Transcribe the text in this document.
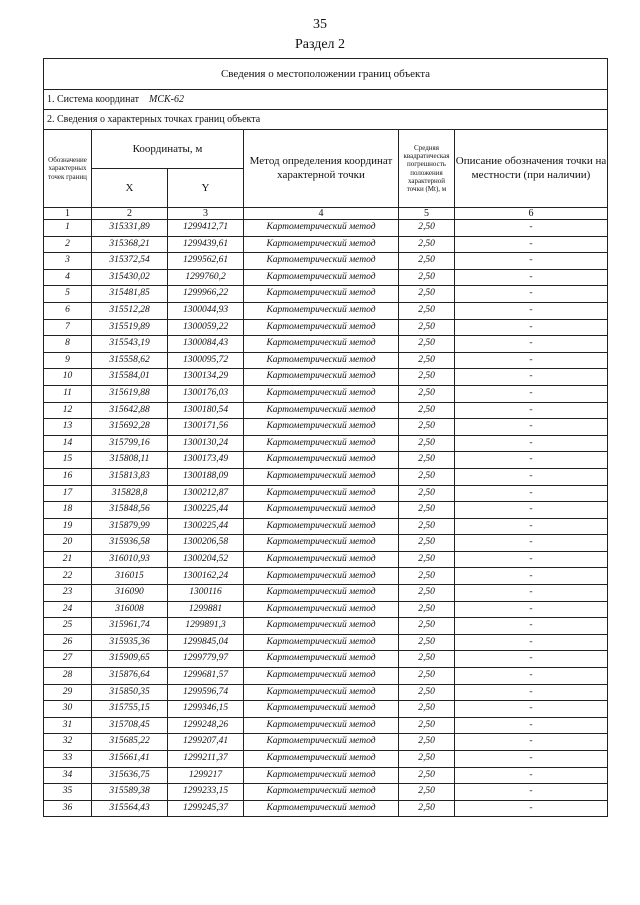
35
Раздел 2
Сведения о местоположении границ объекта					
1. Система координат МСК-62					
2. Сведения о характерных точках границ объекта					
Обозначение характерных точек границ	Координаты, м		Метод определения координат характерной точки	Средняя квадратическая погрешность положения характерной точки (Мt), м	Описание обозначения точки на местности (при наличии)
	X	Y			
1	2	3	4	5	6
1	315331,89	1299412,71	Картометрический метод	2,50	-
2	315368,21	1299439,61	Картометрический метод	2,50	-
3	315372,54	1299562,61	Картометрический метод	2,50	-
4	315430,02	1299760,2	Картометрический метод	2,50	-
5	315481,85	1299966,22	Картометрический метод	2,50	-
6	315512,28	1300044,93	Картометрический метод	2,50	-
7	315519,89	1300059,22	Картометрический метод	2,50	-
8	315543,19	1300084,43	Картометрический метод	2,50	-
9	315558,62	1300095,72	Картометрический метод	2,50	-
10	315584,01	1300134,29	Картометрический метод	2,50	-
11	315619,88	1300176,03	Картометрический метод	2,50	-
12	315642,88	1300180,54	Картометрический метод	2,50	-
13	315692,28	1300171,56	Картометрический метод	2,50	-
14	315799,16	1300130,24	Картометрический метод	2,50	-
15	315808,11	1300173,49	Картометрический метод	2,50	-
16	315813,83	1300188,09	Картометрический метод	2,50	-
17	315828,8	1300212,87	Картометрический метод	2,50	-
18	315848,56	1300225,44	Картометрический метод	2,50	-
19	315879,99	1300225,44	Картометрический метод	2,50	-
20	315936,58	1300206,58	Картометрический метод	2,50	-
21	316010,93	1300204,52	Картометрический метод	2,50	-
22	316015	1300162,24	Картометрический метод	2,50	-
23	316090	1300116	Картометрический метод	2,50	-
24	316008	1299881	Картометрический метод	2,50	-
25	315961,74	1299891,3	Картометрический метод	2,50	-
26	315935,36	1299845,04	Картометрический метод	2,50	-
27	315909,65	1299779,97	Картометрический метод	2,50	-
28	315876,64	1299681,57	Картометрический метод	2,50	-
29	315850,35	1299596,74	Картометрический метод	2,50	-
30	315755,15	1299346,15	Картометрический метод	2,50	-
31	315708,45	1299248,26	Картометрический метод	2,50	-
32	315685,22	1299207,41	Картометрический метод	2,50	-
33	315661,41	1299211,37	Картометрический метод	2,50	-
34	315636,75	1299217	Картометрический метод	2,50	-
35	315589,38	1299233,15	Картометрический метод	2,50	-
36	315564,43	1299245,37	Картометрический метод	2,50	-
